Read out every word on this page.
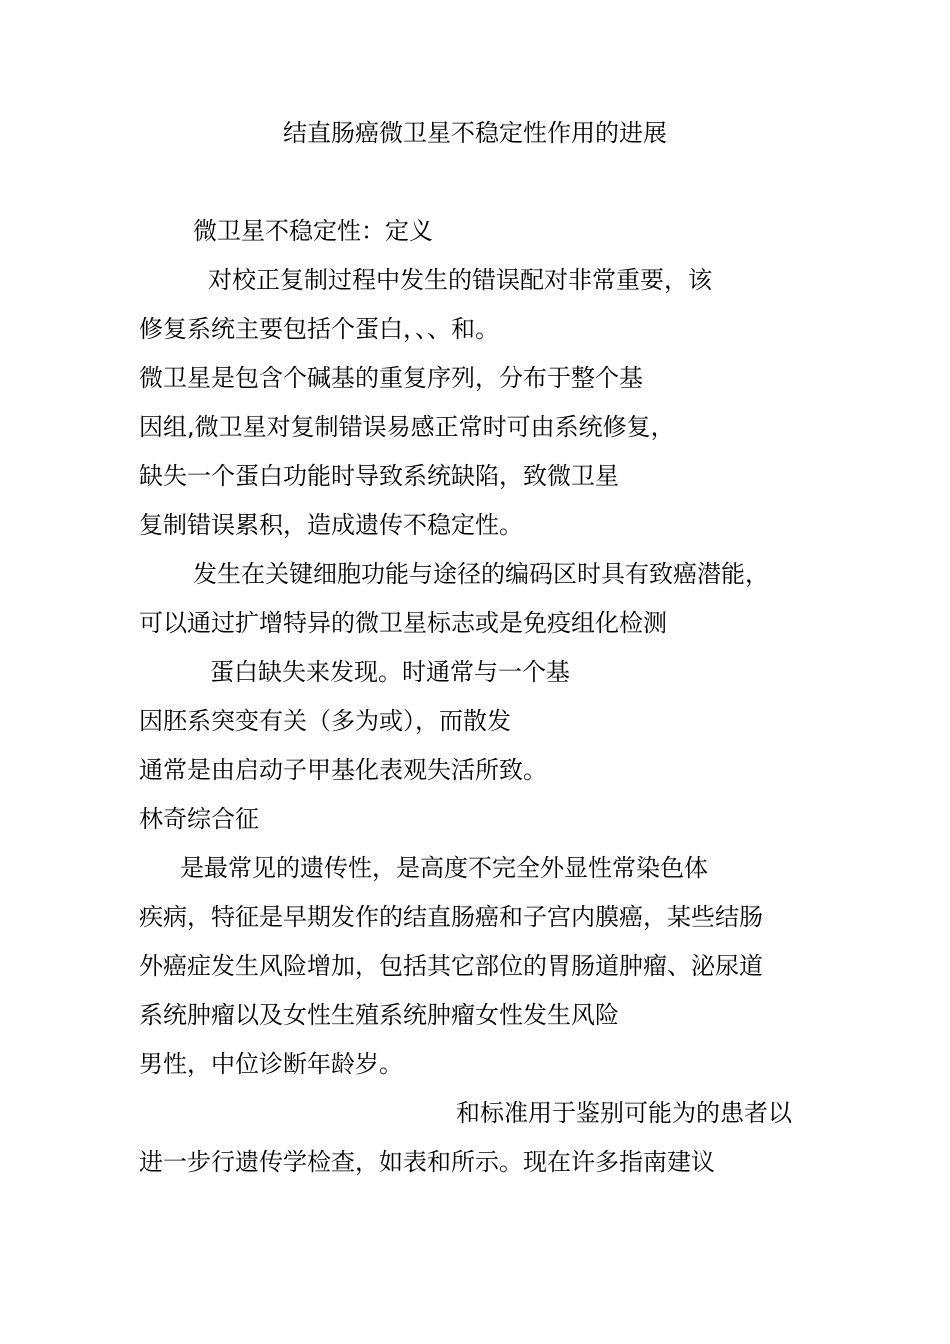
结直肠癌微卫星不稳定性作用的进展
微卫星不稳定性：定义
对校正复制过程中发生的错误配对非常重要，该
修复系统主要包括个蛋白，、、和。
微卫星是包含个碱基的重复序列，分布于整个基
因组,微卫星对复制错误易感正常时可由系统修复，
缺失一个蛋白功能时导致系统缺陷，致微卫星
复制错误累积，造成遗传不稳定性。
发生在关键细胞功能与途径的编码区时具有致癌潜能，
可以通过扩增特异的微卫星标志或是免疫组化检测
蛋白缺失来发现。时通常与一个基
因胚系突变有关（多为或），而散发
通常是由启动子甲基化表观失活所致。
林奇综合征
是最常见的遗传性，是高度不完全外显性常染色体
疾病，特征是早期发作的结直肠癌和子宫内膜癌，某些结肠
外癌症发生风险增加，包括其它部位的胃肠道肿瘤、泌尿道
系统肿瘤以及女性生殖系统肿瘤女性发生风险
男性，中位诊断年龄岁。
和标准用于鉴别可能为的患者以
进一步行遗传学检查，如表和所示。现在许多指南建议
